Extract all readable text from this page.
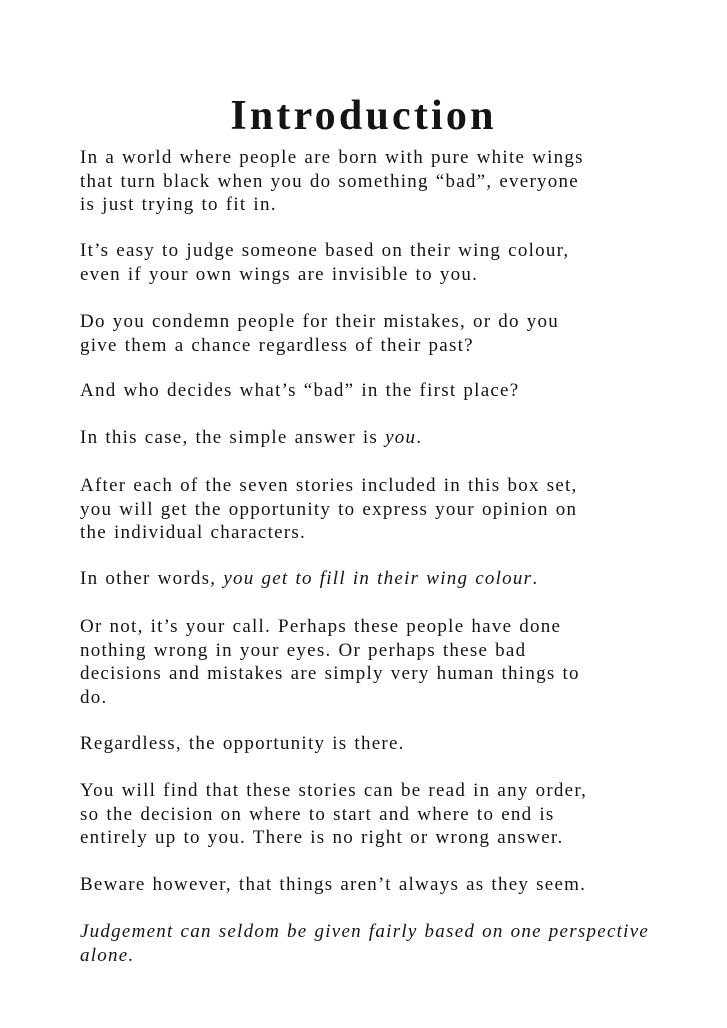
Introduction

In a world where people are born with pure white wings
that turn black when you do something “bad”, everyone
is just trying to fit in.

It’s easy to judge someone based on their wing colour,
even if your own wings are invisible to you.

Do you condemn people for their mistakes, or do you
give them a chance regardless of their past?

And who decides what’s “bad” in the first place?

In this case, the simple answer is you.

After each of the seven stories included in this box set,
you will get the opportunity to express your opinion on
the individual characters.

In other words, you get to fill in their wing colour.

Or not, it’s your call. Perhaps these people have done
nothing wrong in your eyes. Or perhaps these bad
decisions and mistakes are simply very human things to
do.

Regardless, the opportunity is there.

You will find that these stories can be read in any order,
so the decision on where to start and where to end is
entirely up to you. There is no right or wrong answer.

Beware however, that things aren’t always as they seem.

Judgement can seldom be given fairly based on one perspective
alone.
